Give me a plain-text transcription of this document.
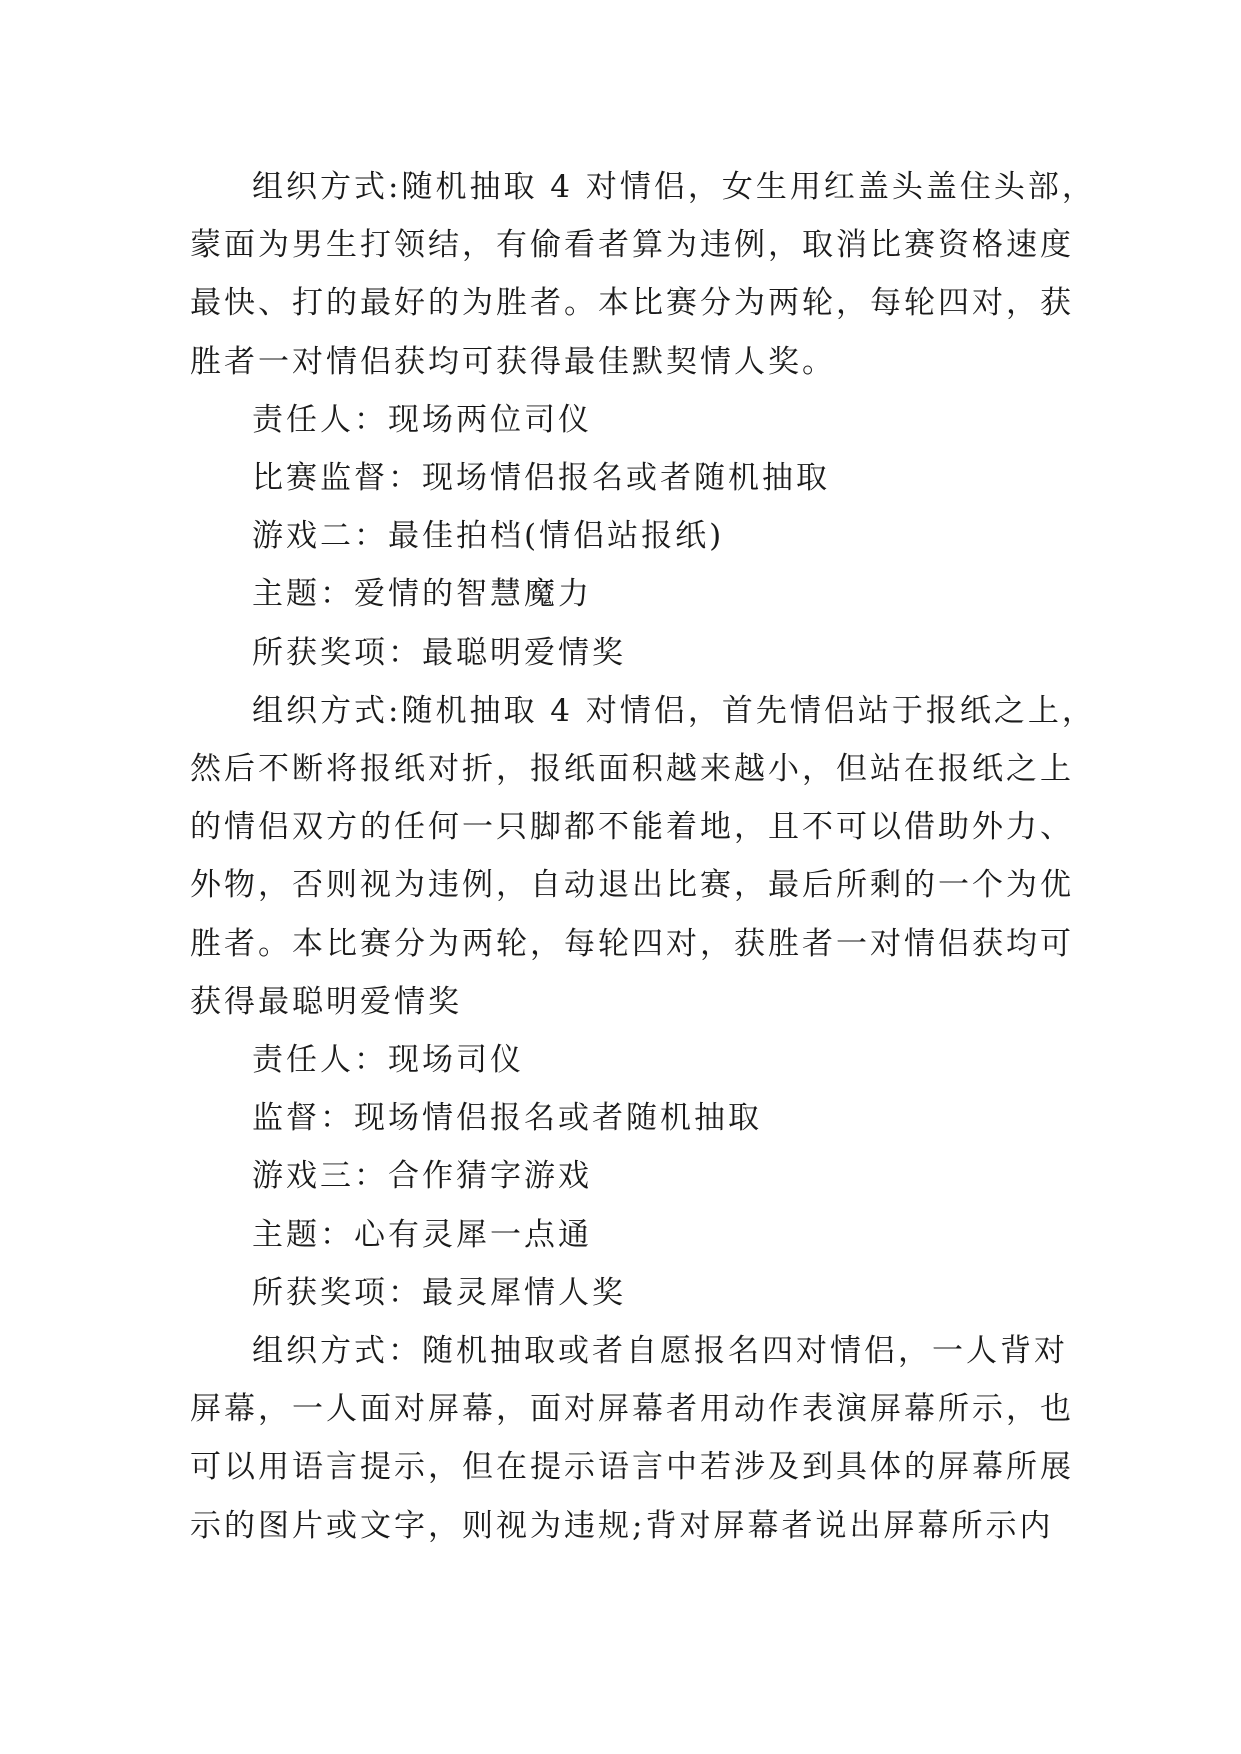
组织方式:随机抽取 4 对情侣，女生用红盖头盖住头部，
蒙面为男生打领结，有偷看者算为违例，取消比赛资格速度
最快、打的最好的为胜者。本比赛分为两轮，每轮四对，获
胜者一对情侣获均可获得最佳默契情人奖。
责任人：现场两位司仪
比赛监督：现场情侣报名或者随机抽取
游戏二：最佳拍档(情侣站报纸)
主题：爱情的智慧魔力
所获奖项：最聪明爱情奖
组织方式:随机抽取 4 对情侣，首先情侣站于报纸之上，
然后不断将报纸对折，报纸面积越来越小，但站在报纸之上
的情侣双方的任何一只脚都不能着地，且不可以借助外力、
外物，否则视为违例，自动退出比赛，最后所剩的一个为优
胜者。本比赛分为两轮，每轮四对，获胜者一对情侣获均可
获得最聪明爱情奖
责任人：现场司仪
监督：现场情侣报名或者随机抽取
游戏三：合作猜字游戏
主题：心有灵犀一点通
所获奖项：最灵犀情人奖
组织方式：随机抽取或者自愿报名四对情侣，一人背对
屏幕，一人面对屏幕，面对屏幕者用动作表演屏幕所示，也
可以用语言提示，但在提示语言中若涉及到具体的屏幕所展
示的图片或文字，则视为违规;背对屏幕者说出屏幕所示内
